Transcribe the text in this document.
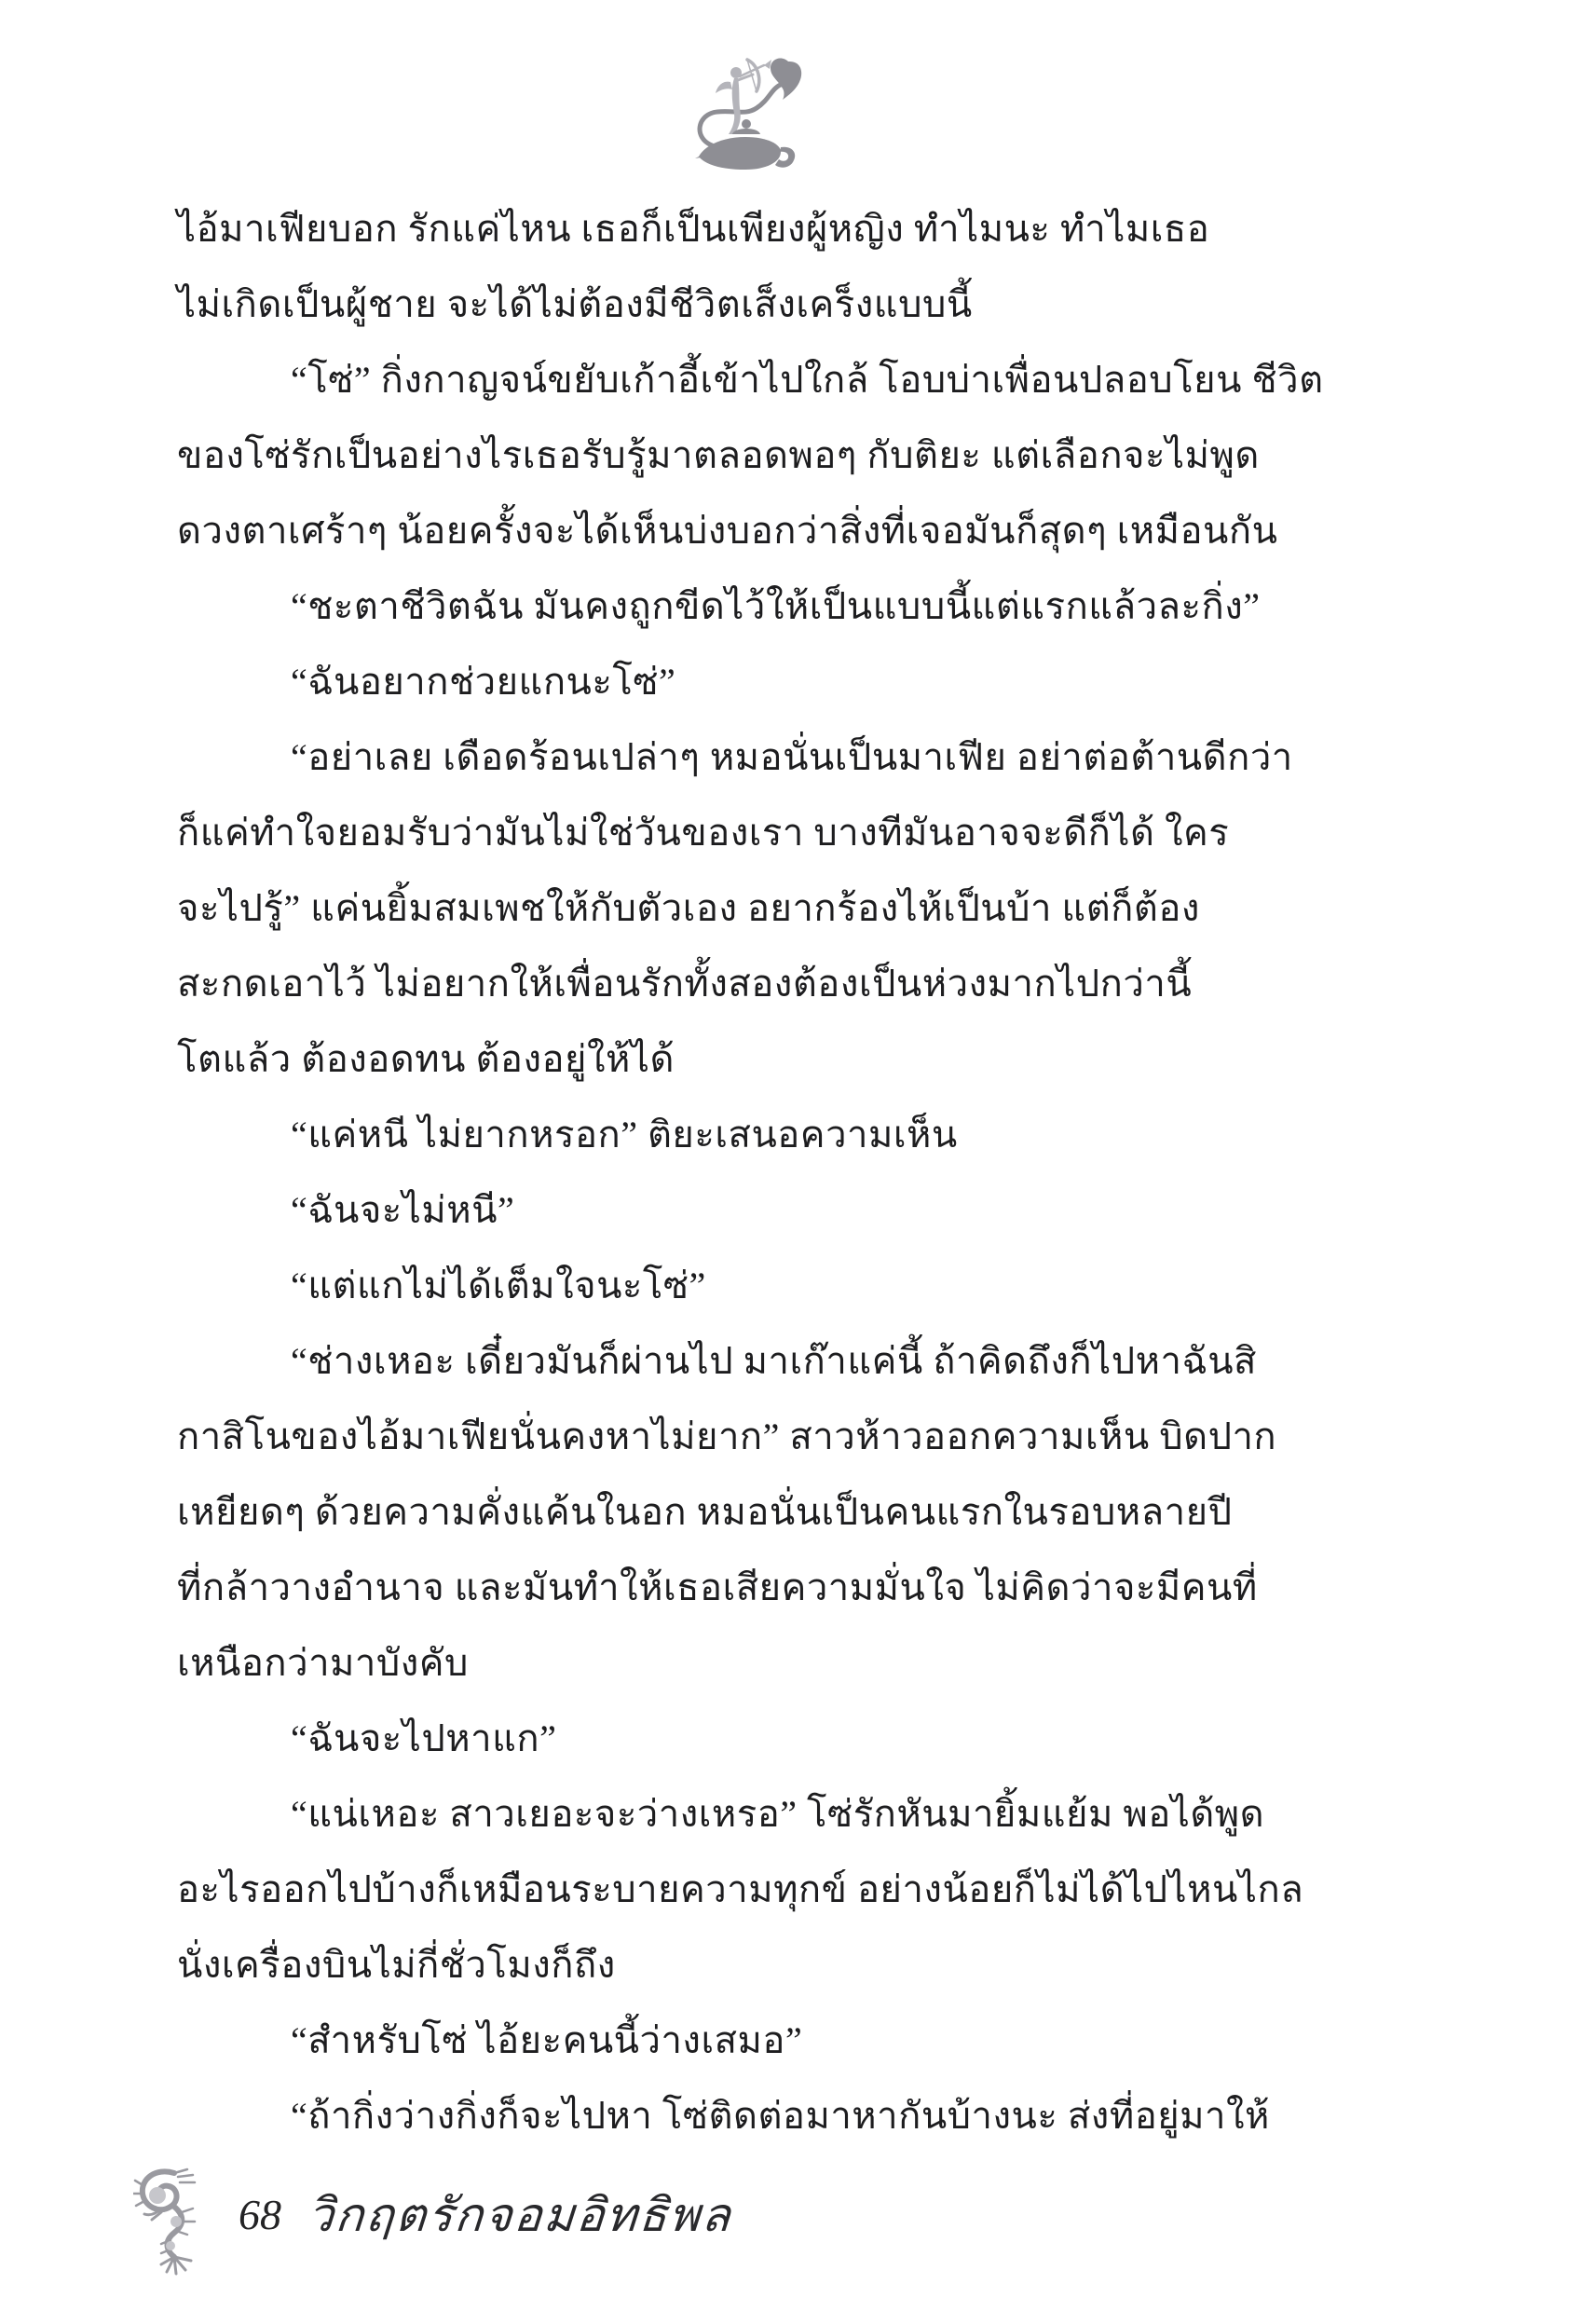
ไอ้มาเฟียบอก รักแค่ไหน เธอก็เป็นเพียงผู้หญิง ทำไมนะ ทำไมเธอ
ไม่เกิดเป็นผู้ชาย จะได้ไม่ต้องมีชีวิตเส็งเคร็งแบบนี้
“โซ่” กิ่งกาญจน์ขยับเก้าอี้เข้าไปใกล้ โอบบ่าเพื่อนปลอบโยน ชีวิต
ของโซ่รักเป็นอย่างไรเธอรับรู้มาตลอดพอๆ กับติยะ แต่เลือกจะไม่พูด
ดวงตาเศร้าๆ น้อยครั้งจะได้เห็นบ่งบอกว่าสิ่งที่เจอมันก็สุดๆ เหมือนกัน
“ชะตาชีวิตฉัน มันคงถูกขีดไว้ให้เป็นแบบนี้แต่แรกแล้วละกิ่ง”
“ฉันอยากช่วยแกนะโซ่”
“อย่าเลย เดือดร้อนเปล่าๆ หมอนั่นเป็นมาเฟีย อย่าต่อต้านดีกว่า
ก็แค่ทำใจยอมรับว่ามันไม่ใช่วันของเรา บางทีมันอาจจะดีก็ได้ ใคร
จะไปรู้” แค่นยิ้มสมเพชให้กับตัวเอง อยากร้องไห้เป็นบ้า แต่ก็ต้อง
สะกดเอาไว้ ไม่อยากให้เพื่อนรักทั้งสองต้องเป็นห่วงมากไปกว่านี้
โตแล้ว ต้องอดทน ต้องอยู่ให้ได้
“แค่หนี ไม่ยากหรอก” ติยะเสนอความเห็น
“ฉันจะไม่หนี”
“แต่แกไม่ได้เต็มใจนะโซ่”
“ช่างเหอะ เดี๋ยวมันก็ผ่านไป มาเก๊าแค่นี้ ถ้าคิดถึงก็ไปหาฉันสิ
กาสิโนของไอ้มาเฟียนั่นคงหาไม่ยาก” สาวห้าวออกความเห็น บิดปาก
เหยียดๆ ด้วยความคั่งแค้นในอก หมอนั่นเป็นคนแรกในรอบหลายปี
ที่กล้าวางอำนาจ และมันทำให้เธอเสียความมั่นใจ ไม่คิดว่าจะมีคนที่
เหนือกว่ามาบังคับ
“ฉันจะไปหาแก”
“แน่เหอะ สาวเยอะจะว่างเหรอ” โซ่รักหันมายิ้มแย้ม พอได้พูด
อะไรออกไปบ้างก็เหมือนระบายความทุกข์ อย่างน้อยก็ไม่ได้ไปไหนไกล
นั่งเครื่องบินไม่กี่ชั่วโมงก็ถึง
“สำหรับโซ่ ไอ้ยะคนนี้ว่างเสมอ”
“ถ้ากิ่งว่างกิ่งก็จะไปหา โซ่ติดต่อมาหากันบ้างนะ ส่งที่อยู่มาให้
68 วิกฤตรักจอมอิทธิพล
